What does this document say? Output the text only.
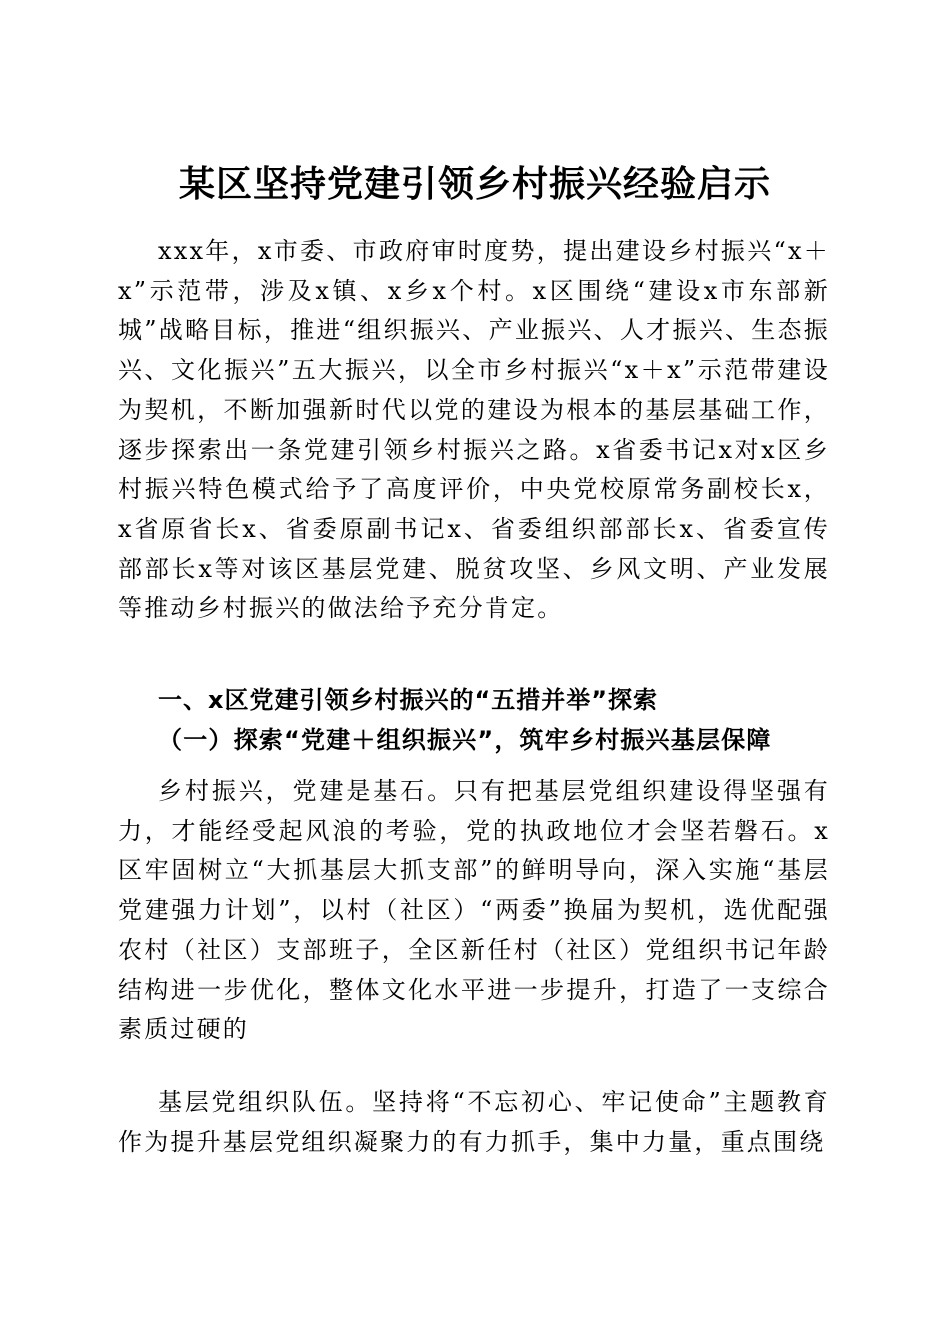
某区坚持党建引领乡村振兴经验启示

xxx年，x市委、市政府审时度势，提出建设乡村振兴“x＋x”示范带，涉及x镇、x乡x个村。x区围绕“建设x市东部新城”战略目标，推进“组织振兴、产业振兴、人才振兴、生态振兴、文化振兴”五大振兴，以全市乡村振兴“x＋x”示范带建设为契机，不断加强新时代以党的建设为根本的基层基础工作，逐步探索出一条党建引领乡村振兴之路。x省委书记x对x区乡村振兴特色模式给予了高度评价，中央党校原常务副校长x，x省原省长x、省委原副书记x、省委组织部部长x、省委宣传部部长x等对该区基层党建、脱贫攻坚、乡风文明、产业发展等推动乡村振兴的做法给予充分肯定。

一、x区党建引领乡村振兴的“五措并举”探索
（一）探索“党建＋组织振兴”，筑牢乡村振兴基层保障

乡村振兴，党建是基石。只有把基层党组织建设得坚强有力，才能经受起风浪的考验，党的执政地位才会坚若磐石。x区牢固树立“大抓基层大抓支部”的鲜明导向，深入实施“基层党建强力计划”，以村（社区）“两委”换届为契机，选优配强农村（社区）支部班子，全区新任村（社区）党组织书记年龄结构进一步优化，整体文化水平进一步提升，打造了一支综合素质过硬的

基层党组织队伍。坚持将“不忘初心、牢记使命”主题教育作为提升基层党组织凝聚力的有力抓手，集中力量，重点围绕
